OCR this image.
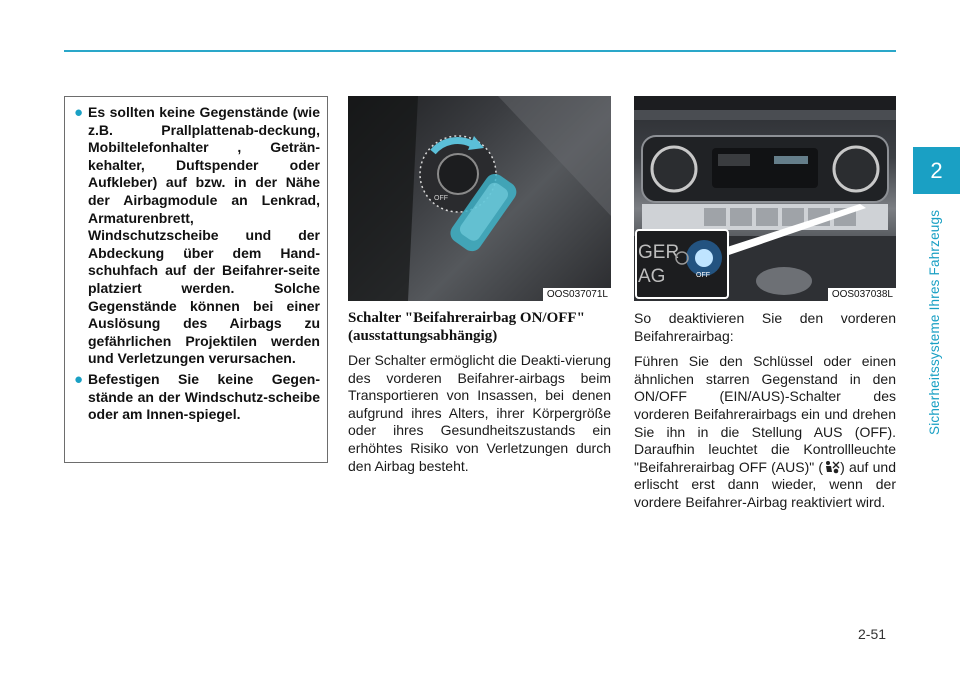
2
Sicherheitssysteme Ihres Fahrzeugs
● Es sollten keine Gegenstände (wie z.B. Prallplattenab-deckung, Mobiltelefonhalter , Getränkehalter, Duftspender oder Aufkleber) auf bzw. in der Nähe der Airbagmodule an Lenkrad, Armaturenbrett, Windschutzscheibe und der Abdeckung über dem Hand-schuhfach auf der Beifahrer-seite platziert werden. Solche Gegenstände können bei einer Auslösung des Airbags zu gefährlichen Projektilen werden und Verletzungen verursachen.
● Befestigen Sie keine Gegen-stände an der Windschutz-scheibe oder am Innen-spiegel.
OFF
OOS037071L
GER
AG	OFF
OOS037038L
Schalter "Beifahrerairbag ON/OFF" (ausstattungsabhängig)

Der Schalter ermöglicht die Deakti-vierung des vorderen Beifahrer-airbags beim Transportieren von Insassen, bei denen aufgrund ihres Alters, ihrer Körpergröße oder ihres Gesundheitszustands ein erhöhtes Risiko von Verletzungen durch den Airbag besteht.

So deaktivieren Sie den vorderen Beifahrerairbag:

Führen Sie den Schlüssel oder einen ähnlichen starren Gegenstand in den ON/OFF (EIN/AUS)-Schalter des vorderen Beifahrerairbags ein und drehen Sie ihn in die Stellung AUS (OFF). Daraufhin leuchtet die Kontrollleuchte "Beifahrerairbag OFF (AUS)" ( ) auf und erlischt erst dann wieder, wenn der vordere Beifahrer-Airbag reaktiviert wird.

2-51
